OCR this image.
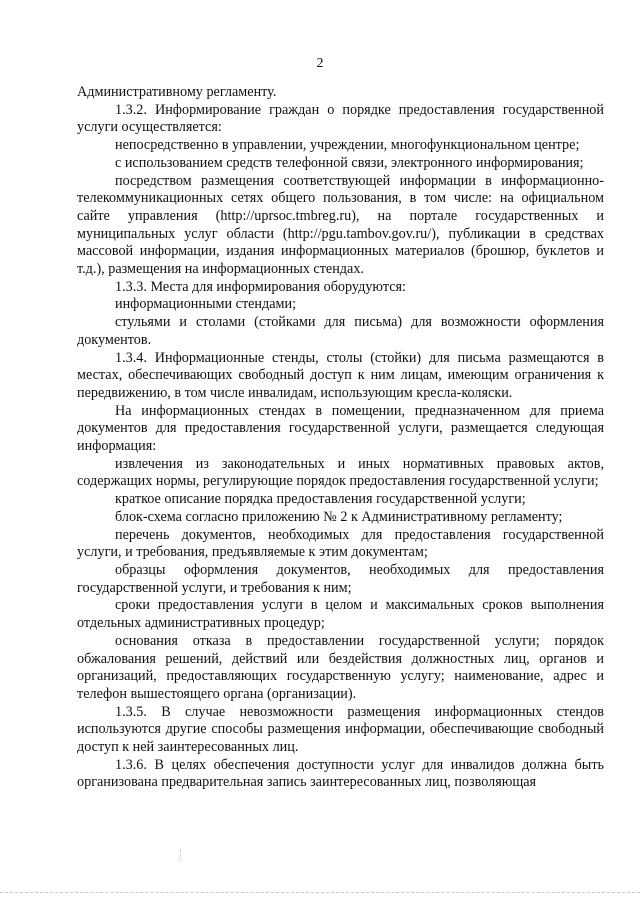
2

Административному регламенту.

1.3.2. Информирование граждан о порядке предоставления государственной услуги осуществляется:

непосредственно в управлении, учреждении, многофункциональном центре;

с использованием средств телефонной связи, электронного информирования;

посредством размещения соответствующей информации в информационно-телекоммуникационных сетях общего пользования, в том числе: на официальном сайте управления (http://uprsoc.tmbreg.ru), на портале государственных и муниципальных услуг области (http://pgu.tambov.gov.ru/), публикации в средствах массовой информации, издания информационных материалов (брошюр, буклетов и т.д.), размещения на информационных стендах.

1.3.3. Места для информирования оборудуются:

информационными стендами;

стульями и столами (стойками для письма) для возможности оформления документов.

1.3.4. Информационные стенды, столы (стойки) для письма размещаются в местах, обеспечивающих свободный доступ к ним лицам, имеющим ограничения к передвижению, в том числе инвалидам, использующим кресла-коляски.

На информационных стендах в помещении, предназначенном для приема документов для предоставления государственной услуги, размещается следующая информация:

извлечения из законодательных и иных нормативных правовых актов, содержащих нормы, регулирующие порядок предоставления государственной услуги;

краткое описание порядка предоставления государственной услуги;

блок-схема согласно приложению № 2 к Административному регламенту;

перечень документов, необходимых для предоставления государственной услуги, и требования, предъявляемые к этим документам;

образцы оформления документов, необходимых для предоставления государственной услуги, и требования к ним;

сроки предоставления услуги в целом и максимальных сроков выполнения отдельных административных процедур;

основания отказа в предоставлении государственной услуги; порядок обжалования решений, действий или бездействия должностных лиц, органов и организаций, предоставляющих государственную услугу; наименование, адрес и телефон вышестоящего органа (организации).

1.3.5. В случае невозможности размещения информационных стендов используются другие способы размещения информации, обеспечивающие свободный доступ к ней заинтересованных лиц.

1.3.6. В целях обеспечения доступности услуг для инвалидов должна быть организована предварительная запись заинтересованных лиц, позволяющая
